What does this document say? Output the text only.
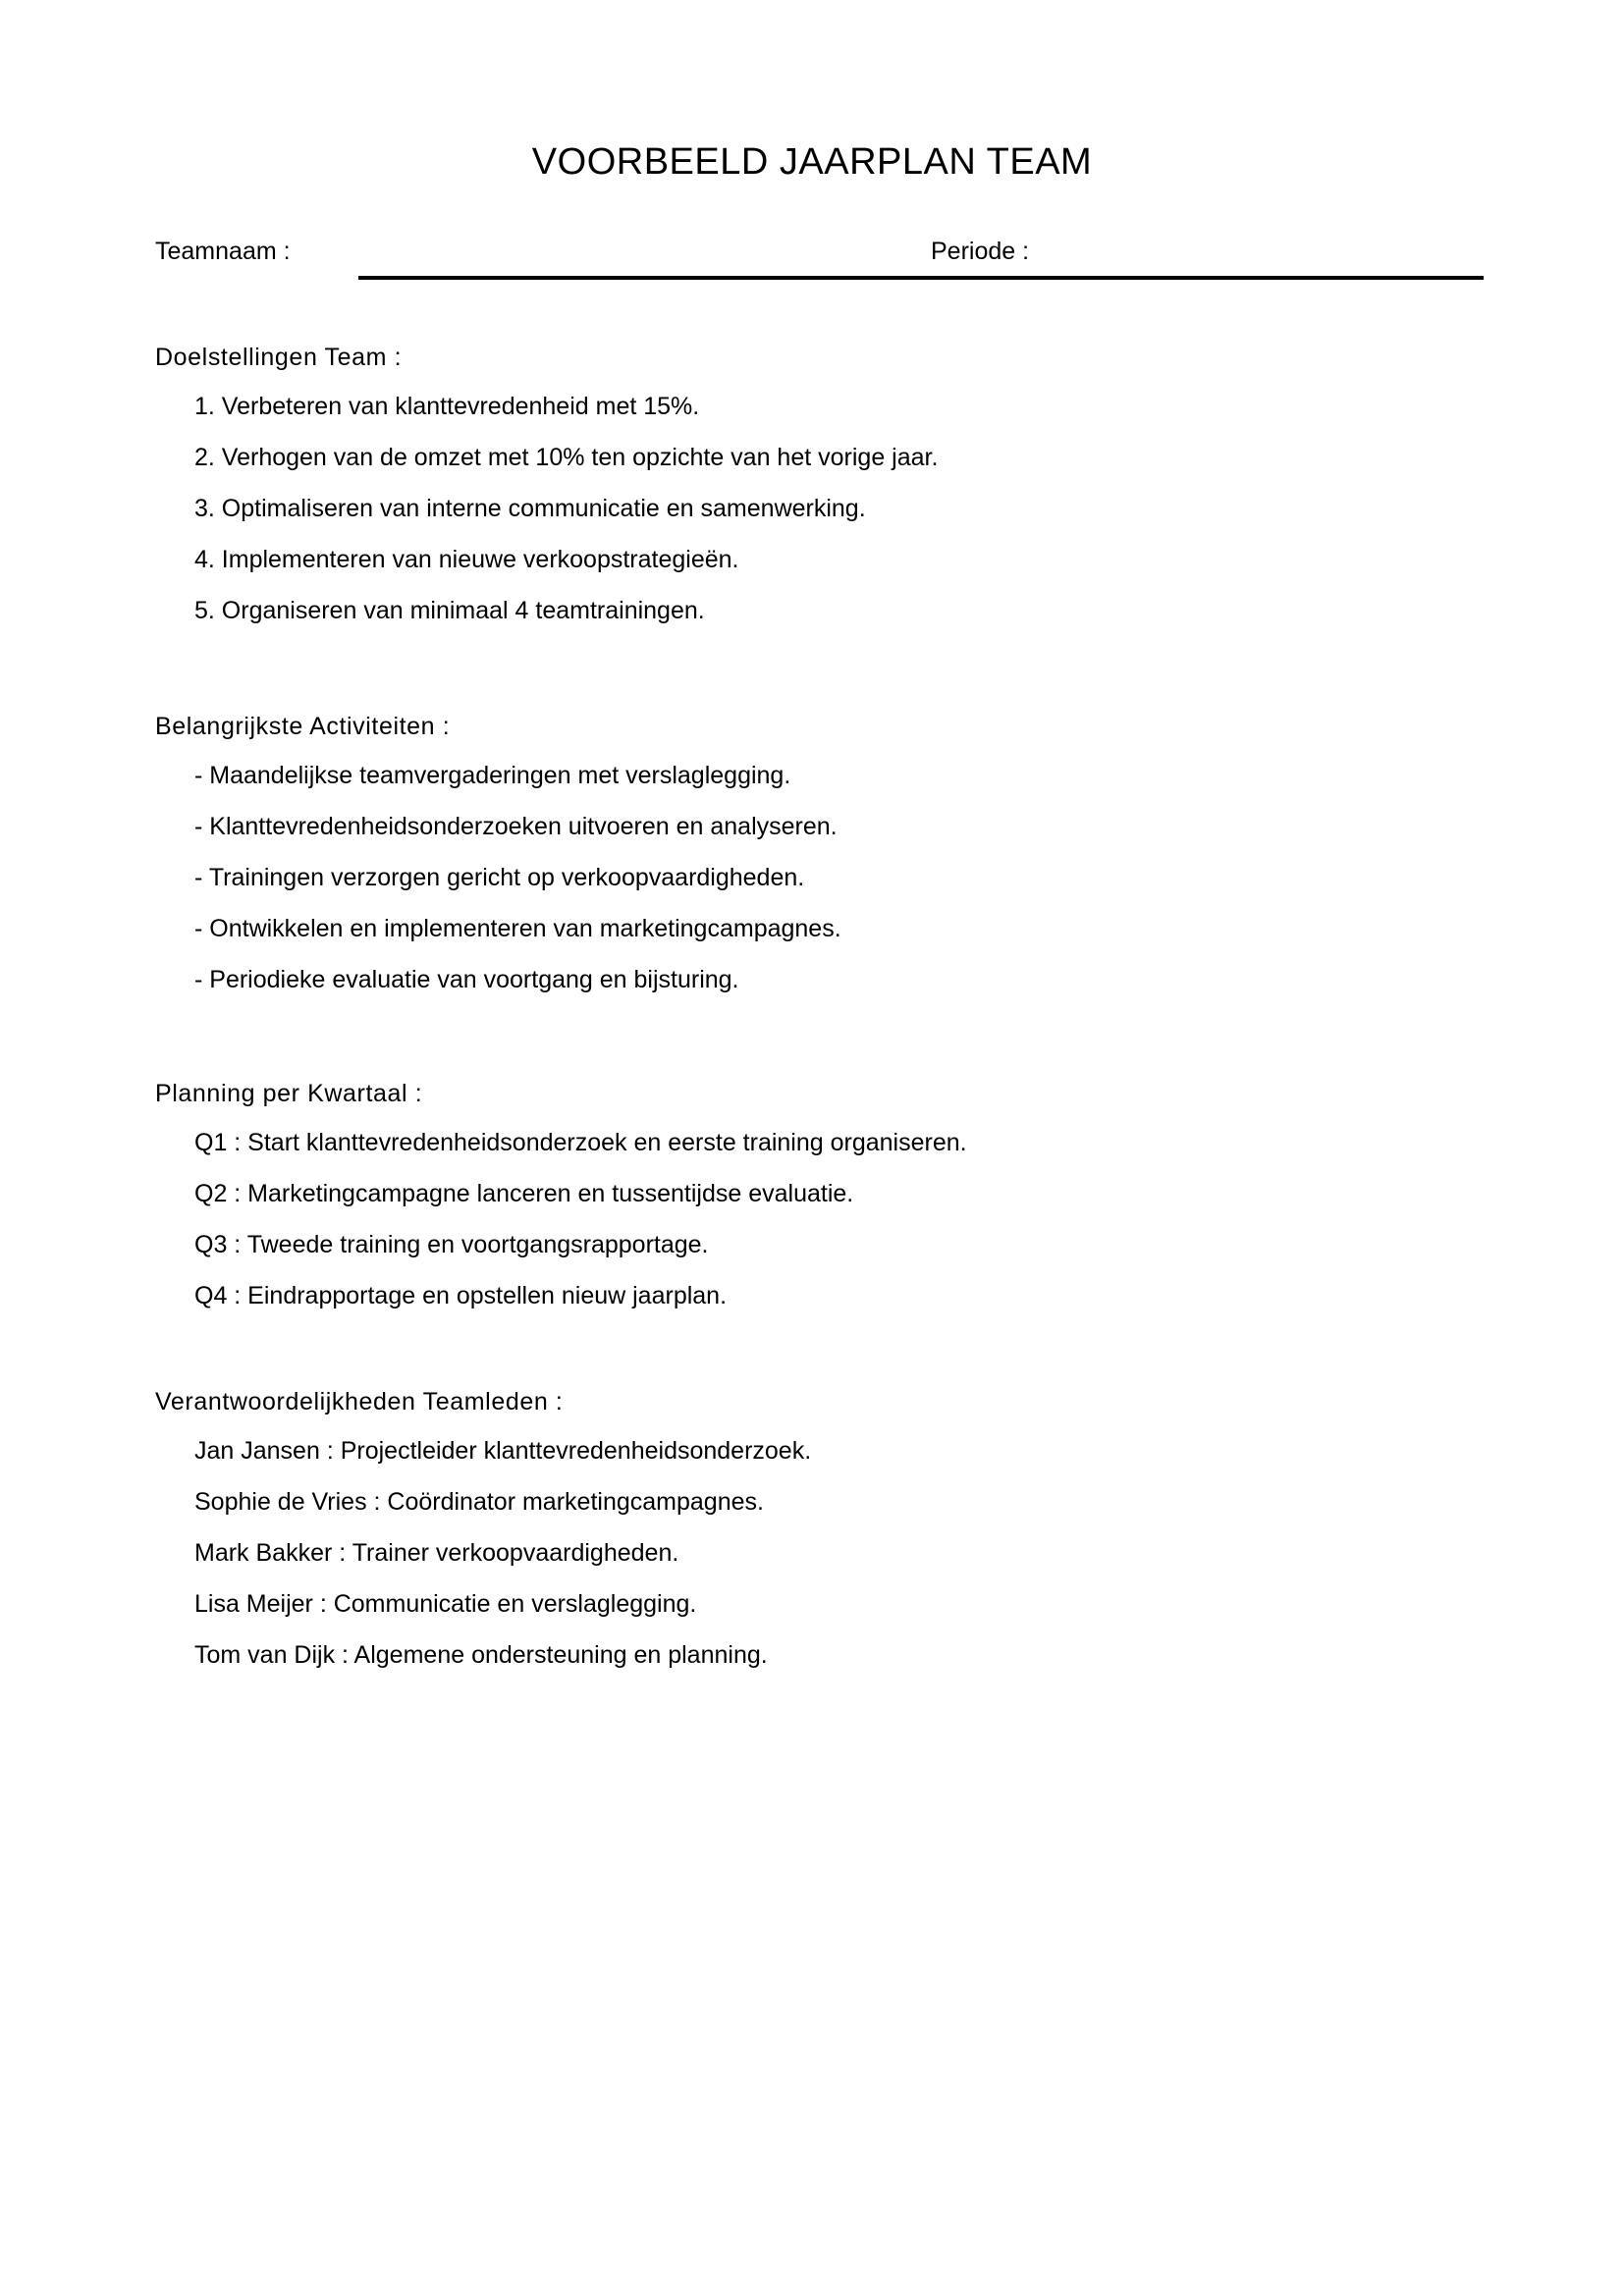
VOORBEELD JAARPLAN TEAM
Teamnaam :	Periode :
Doelstellingen Team :
1. Verbeteren van klanttevredenheid met 15%.
2. Verhogen van de omzet met 10% ten opzichte van het vorige jaar.
3. Optimaliseren van interne communicatie en samenwerking.
4. Implementeren van nieuwe verkoopstrategieën.
5. Organiseren van minimaal 4 teamtrainingen.
Belangrijkste Activiteiten :
- Maandelijkse teamvergaderingen met verslaglegging.
- Klanttevredenheidsonderzoeken uitvoeren en analyseren.
- Trainingen verzorgen gericht op verkoopvaardigheden.
- Ontwikkelen en implementeren van marketingcampagnes.
- Periodieke evaluatie van voortgang en bijsturing.
Planning per Kwartaal :
Q1 : Start klanttevredenheidsonderzoek en eerste training organiseren.
Q2 : Marketingcampagne lanceren en tussentijdse evaluatie.
Q3 : Tweede training en voortgangsrapportage.
Q4 : Eindrapportage en opstellen nieuw jaarplan.
Verantwoordelijkheden Teamleden :
Jan Jansen : Projectleider klanttevredenheidsonderzoek.
Sophie de Vries : Coördinator marketingcampagnes.
Mark Bakker : Trainer verkoopvaardigheden.
Lisa Meijer : Communicatie en verslaglegging.
Tom van Dijk : Algemene ondersteuning en planning.
